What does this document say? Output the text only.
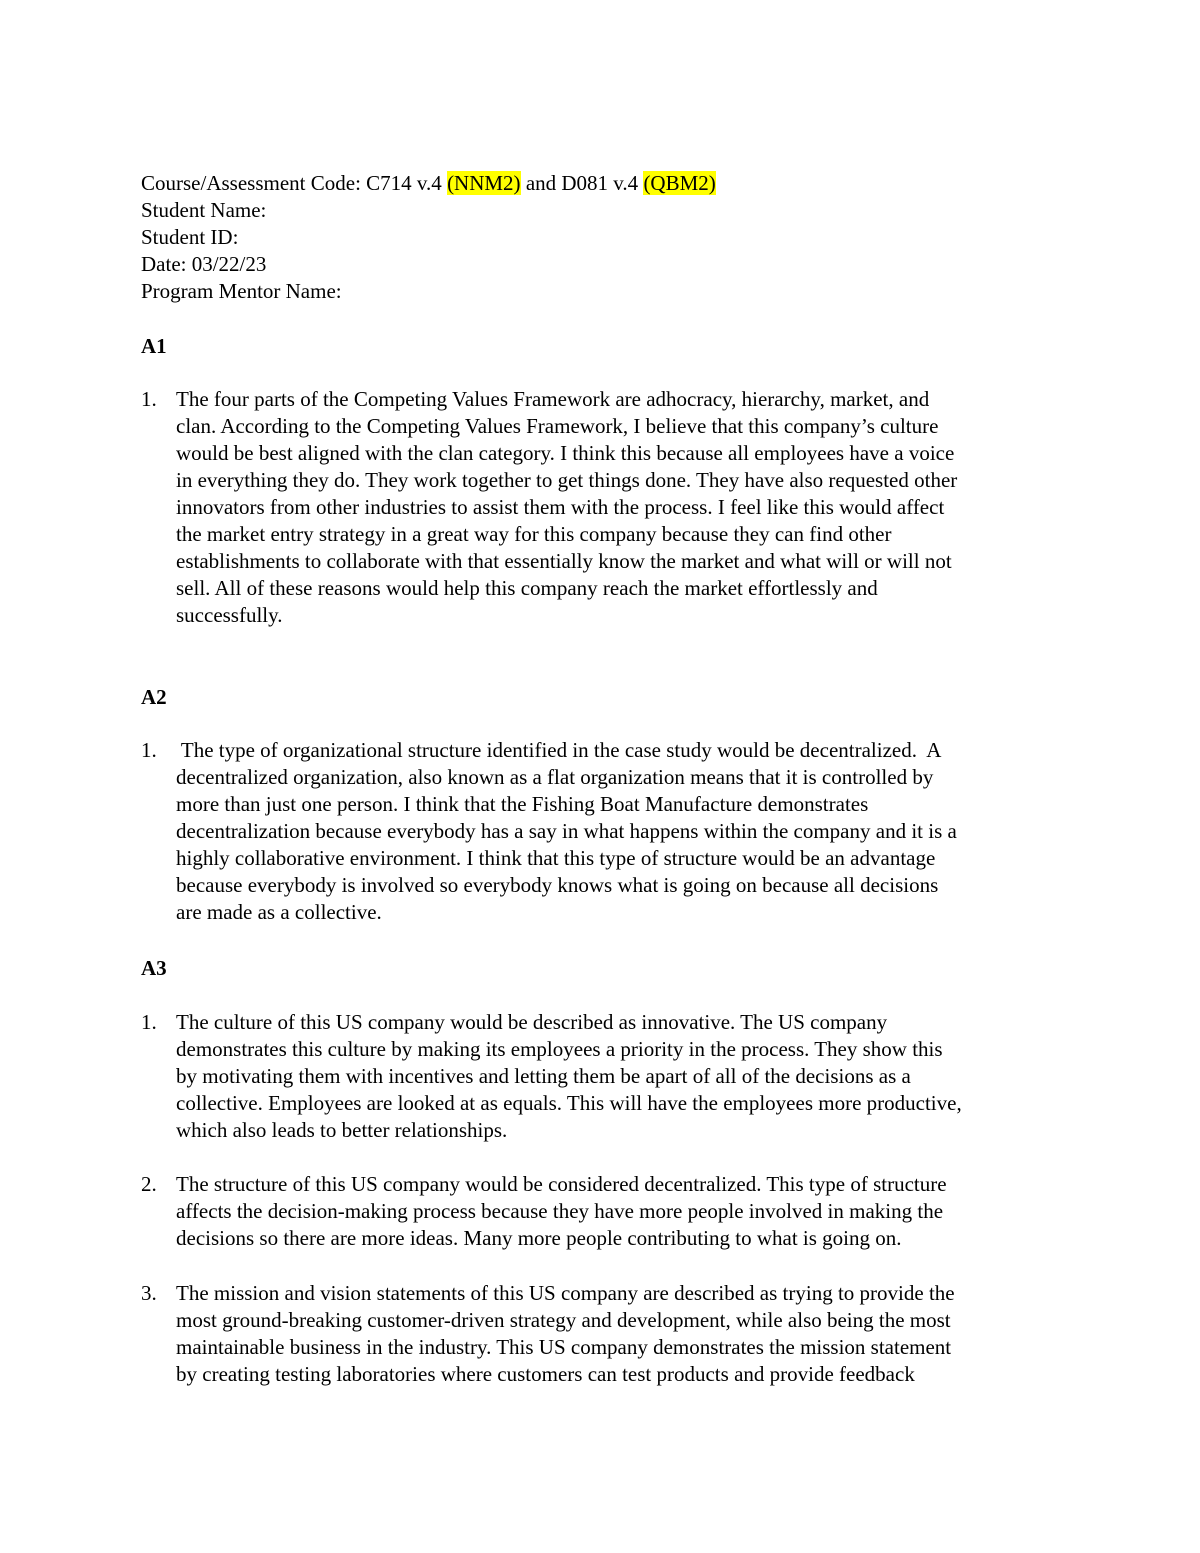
Course/Assessment Code: C714 v.4 (NNM2) and D081 v.4 (QBM2)
Student Name:
Student ID:
Date: 03/22/23
Program Mentor Name:
A1
1. The four parts of the Competing Values Framework are adhocracy, hierarchy, market, and
clan. According to the Competing Values Framework, I believe that this company’s culture
would be best aligned with the clan category. I think this because all employees have a voice
in everything they do. They work together to get things done. They have also requested other
innovators from other industries to assist them with the process. I feel like this would affect
the market entry strategy in a great way for this company because they can find other
establishments to collaborate with that essentially know the market and what will or will not
sell. All of these reasons would help this company reach the market effortlessly and
successfully.
A2
1. The type of organizational structure identified in the case study would be decentralized.  A
decentralized organization, also known as a flat organization means that it is controlled by
more than just one person. I think that the Fishing Boat Manufacture demonstrates
decentralization because everybody has a say in what happens within the company and it is a
highly collaborative environment. I think that this type of structure would be an advantage
because everybody is involved so everybody knows what is going on because all decisions
are made as a collective.
A3
1. The culture of this US company would be described as innovative. The US company
demonstrates this culture by making its employees a priority in the process. They show this
by motivating them with incentives and letting them be apart of all of the decisions as a
collective. Employees are looked at as equals. This will have the employees more productive,
which also leads to better relationships.
2. The structure of this US company would be considered decentralized. This type of structure
affects the decision-making process because they have more people involved in making the
decisions so there are more ideas. Many more people contributing to what is going on.
3. The mission and vision statements of this US company are described as trying to provide the
most ground-breaking customer-driven strategy and development, while also being the most
maintainable business in the industry. This US company demonstrates the mission statement
by creating testing laboratories where customers can test products and provide feedback
